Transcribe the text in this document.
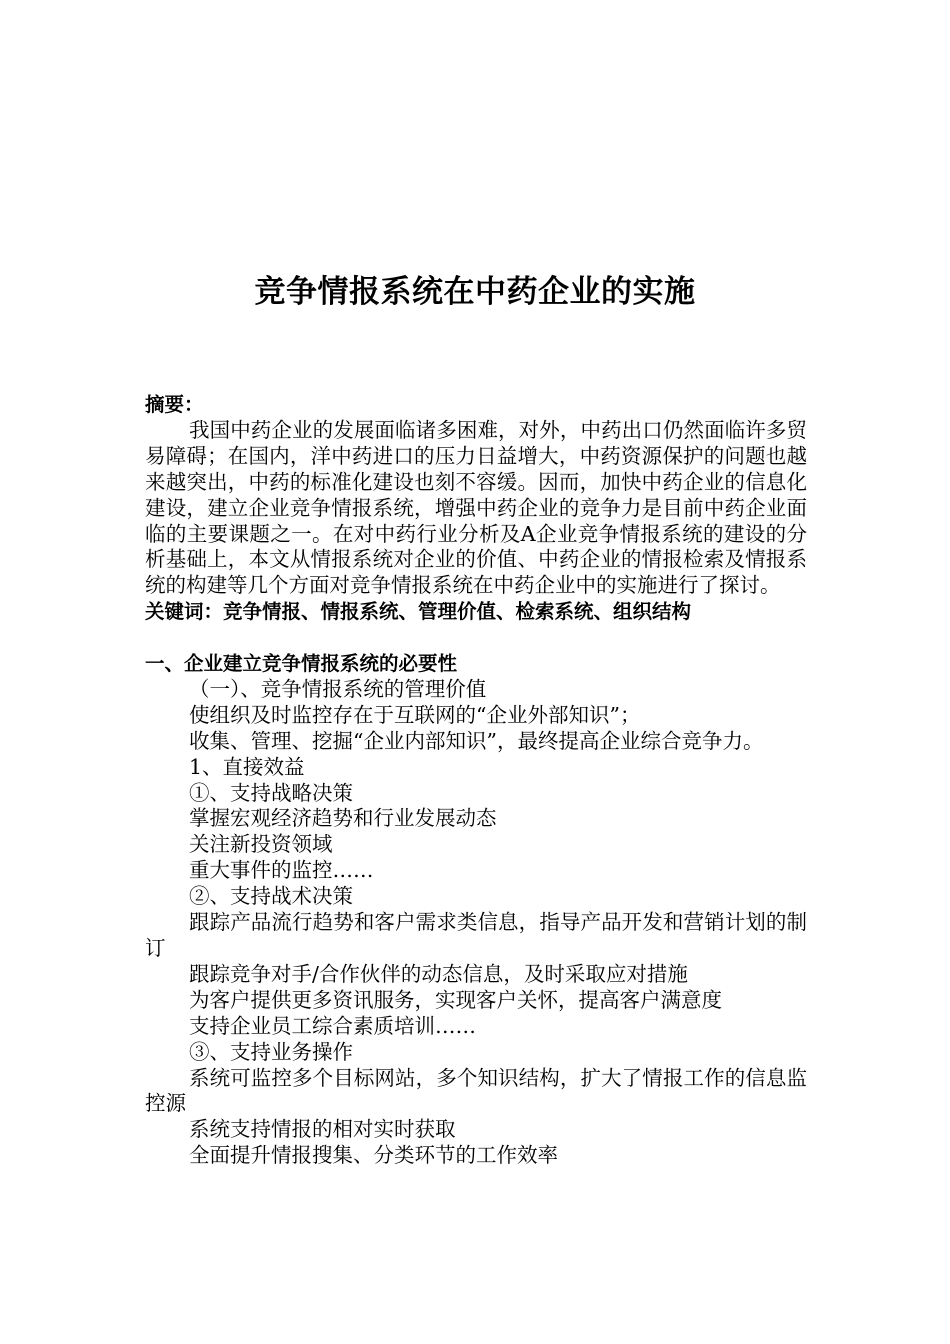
竞争情报系统在中药企业的实施

摘要：

我国中药企业的发展面临诸多困难，对外，中药出口仍然面临许多贸易障碍；在国内，洋中药进口的压力日益增大，中药资源保护的问题也越来越突出，中药的标准化建设也刻不容缓。因而，加快中药企业的信息化建设，建立企业竞争情报系统，增强中药企业的竞争力是目前中药企业面临的主要课题之一。在对中药行业分析及A企业竞争情报系统的建设的分析基础上，本文从情报系统对企业的价值、中药企业的情报检索及情报系统的构建等几个方面对竞争情报系统在中药企业中的实施进行了探讨。

关键词：竞争情报、情报系统、管理价值、检索系统、组织结构

一、企业建立竞争情报系统的必要性

（一）、竞争情报系统的管理价值

使组织及时监控存在于互联网的“企业外部知识”；

收集、管理、挖掘“企业内部知识”，最终提高企业综合竞争力。

1、直接效益

①、支持战略决策

掌握宏观经济趋势和行业发展动态

关注新投资领域

重大事件的监控……

②、支持战术决策

跟踪产品流行趋势和客户需求类信息，指导产品开发和营销计划的制订

跟踪竞争对手/合作伙伴的动态信息，及时采取应对措施

为客户提供更多资讯服务，实现客户关怀，提高客户满意度

支持企业员工综合素质培训……

③、支持业务操作

系统可监控多个目标网站，多个知识结构，扩大了情报工作的信息监控源

系统支持情报的相对实时获取

全面提升情报搜集、分类环节的工作效率
